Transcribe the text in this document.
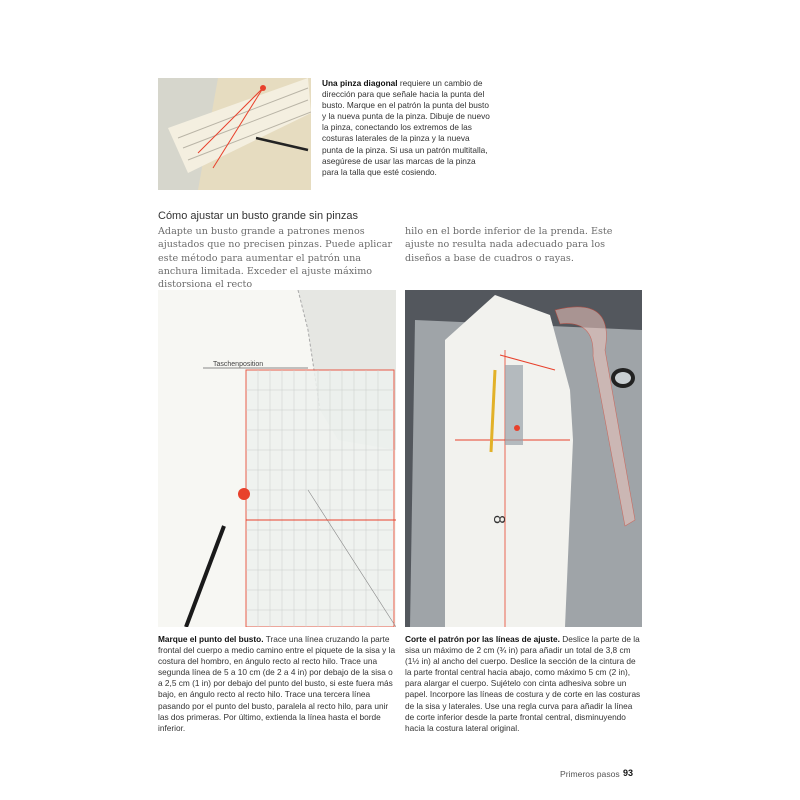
Una pinza diagonal requiere un cambio de dirección para que señale hacia la punta del busto. Marque en el patrón la punta del busto y la nueva punta de la pinza. Dibuje de nuevo la pinza, conectando los extremos de las costuras laterales de la pinza y la nueva punta de la pinza. Si usa un patrón multitalla, asegúrese de usar las marcas de la pinza para la talla que esté cosiendo.
Cómo ajustar un busto grande sin pinzas
Adapte un busto grande a patrones menos ajustados que no precisen pinzas. Puede aplicar este método para aumentar el patrón una anchura limitada. Exceder el ajuste máximo distorsiona el recto
hilo en el borde inferior de la prenda. Este ajuste no resulta nada adecuado para los diseños a base de cuadros o rayas.
Taschenposition
8
Marque el punto del busto. Trace una línea cruzando la parte frontal del cuerpo a medio camino entre el piquete de la sisa y la costura del hombro, en ángulo recto al recto hilo. Trace una segunda línea de 5 a 10 cm (de 2 a 4 in) por debajo de la sisa o a 2,5 cm (1 in) por debajo del punto del busto, si este fuera más bajo, en ángulo recto al recto hilo. Trace una tercera línea pasando por el punto del busto, paralela al recto hilo, para unir las dos primeras. Por último, extienda la línea hasta el borde inferior.
Corte el patrón por las líneas de ajuste. Deslice la parte de la sisa un máximo de 2 cm (¾ in) para añadir un total de 3,8 cm (1½ in) al ancho del cuerpo. Deslice la sección de la cintura de la parte frontal central hacia abajo, como máximo 5 cm (2 in), para alargar el cuerpo. Sujételo con cinta adhesiva sobre un papel. Incorpore las líneas de costura y de corte en las costuras de la sisa y laterales. Use una regla curva para añadir la línea de corte inferior desde la parte frontal central, disminuyendo hacia la costura lateral original.
Primeros pasos 93
